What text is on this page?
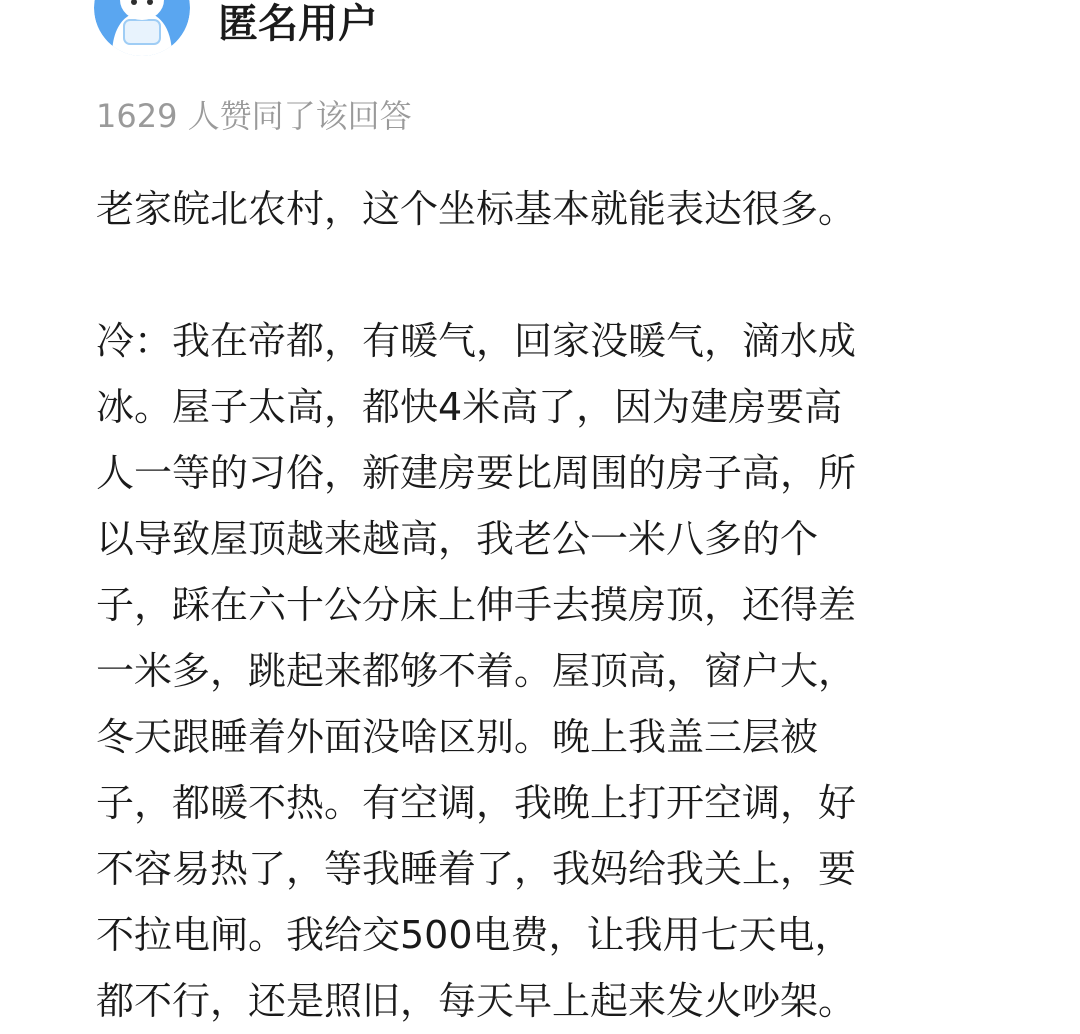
匿名用户
1629 人赞同了该回答

老家皖北农村，这个坐标基本就能表达很多。

冷：我在帝都，有暖气，回家没暖气，滴水成

冰。屋子太高，都快4米高了，因为建房要高

人一等的习俗，新建房要比周围的房子高，所

以导致屋顶越来越高，我老公一米八多的个

子，踩在六十公分床上伸手去摸房顶，还得差

一米多，跳起来都够不着。屋顶高，窗户大，

冬天跟睡着外面没啥区别。晚上我盖三层被

子，都暖不热。有空调，我晚上打开空调，好

不容易热了，等我睡着了，我妈给我关上，要

不拉电闸。我给交500电费，让我用七天电，

都不行，还是照旧，每天早上起来发火吵架。
